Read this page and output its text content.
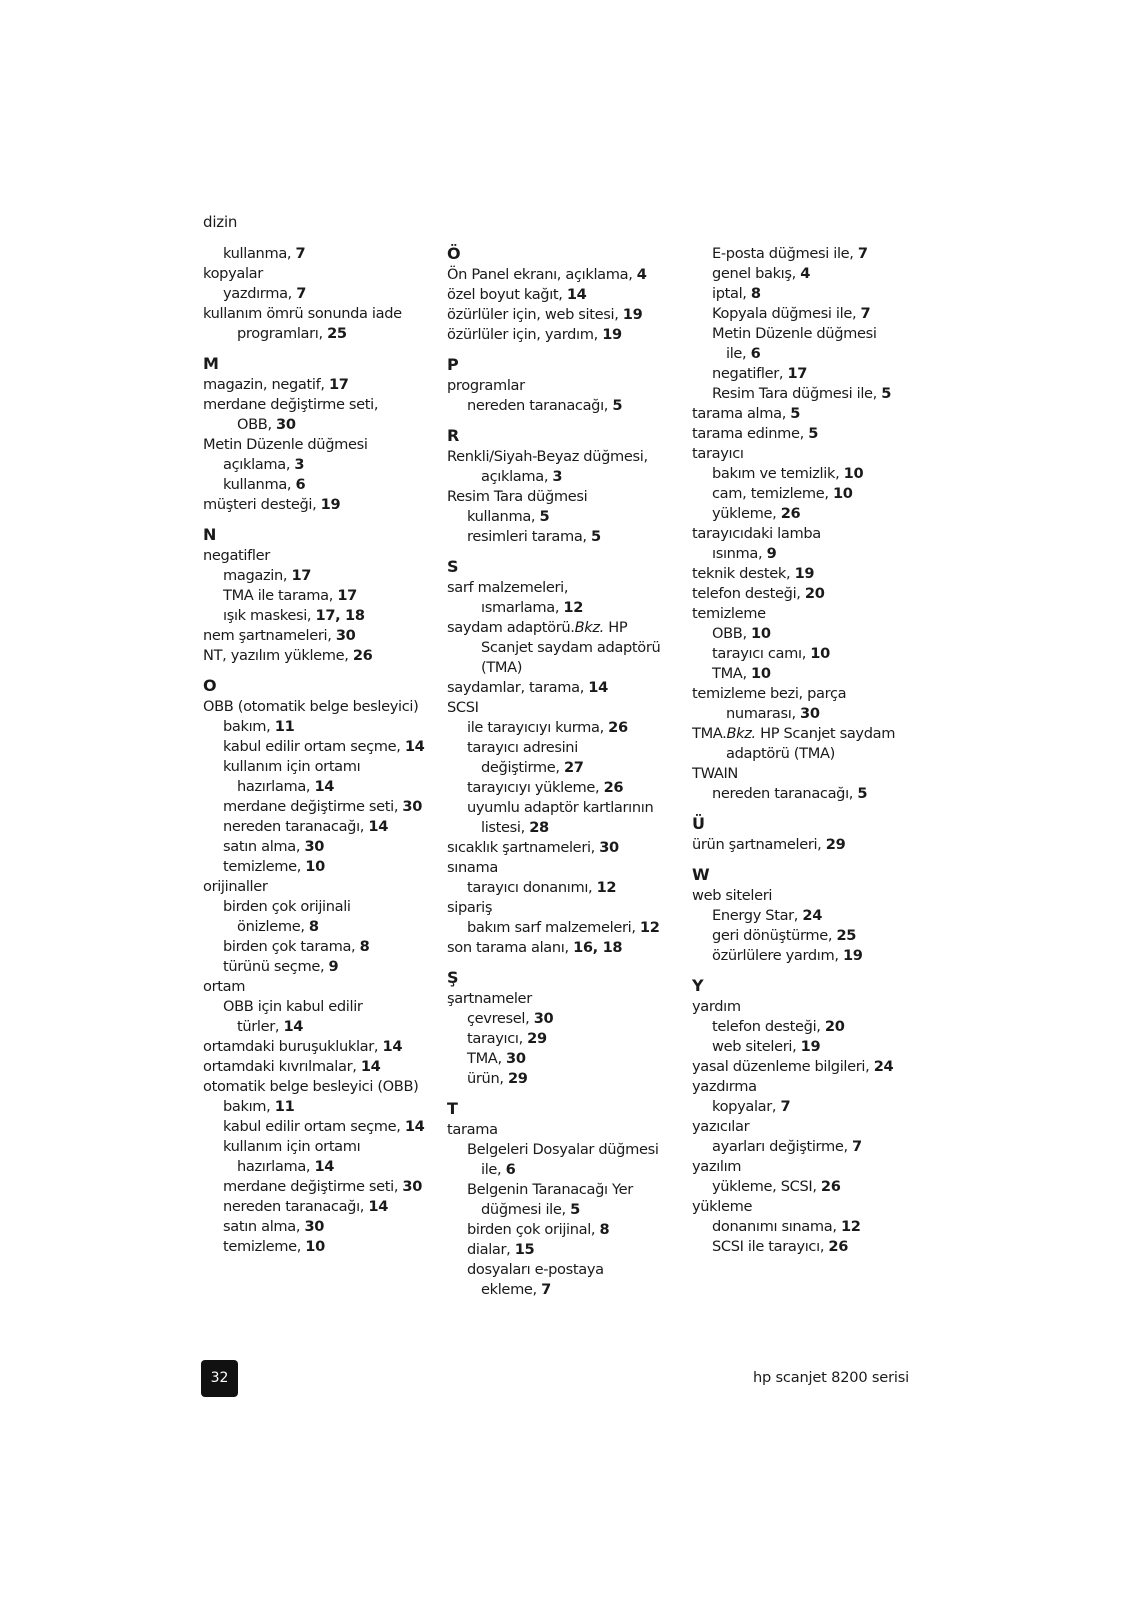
dizin
kullanma, 7
kopyalar
yazdırma, 7
kullanım ömrü sonunda iade
programları, 25
M
magazin, negatif, 17
merdane değiştirme seti,
OBB, 30
Metin Düzenle düğmesi
açıklama, 3
kullanma, 6
müşteri desteği, 19
N
negatifler
magazin, 17
TMA ile tarama, 17
ışık maskesi, 17, 18
nem şartnameleri, 30
NT, yazılım yükleme, 26
O
OBB (otomatik belge besleyici)
bakım, 11
kabul edilir ortam seçme, 14
kullanım için ortamı
hazırlama, 14
merdane değiştirme seti, 30
nereden taranacağı, 14
satın alma, 30
temizleme, 10
orijinaller
birden çok orijinali
önizleme, 8
birden çok tarama, 8
türünü seçme, 9
ortam
OBB için kabul edilir
türler, 14
ortamdaki buruşukluklar, 14
ortamdaki kıvrılmalar, 14
otomatik belge besleyici (OBB)
bakım, 11
kabul edilir ortam seçme, 14
kullanım için ortamı
hazırlama, 14
merdane değiştirme seti, 30
nereden taranacağı, 14
satın alma, 30
temizleme, 10
Ö
Ön Panel ekranı, açıklama, 4
özel boyut kağıt, 14
özürlüler için, web sitesi, 19
özürlüler için, yardım, 19
P
programlar
nereden taranacağı, 5
R
Renkli/Siyah-Beyaz düğmesi,
açıklama, 3
Resim Tara düğmesi
kullanma, 5
resimleri tarama, 5
S
sarf malzemeleri,
ısmarlama, 12
saydam adaptörü.Bkz. HP
Scanjet saydam adaptörü
(TMA)
saydamlar, tarama, 14
SCSI
ile tarayıcıyı kurma, 26
tarayıcı adresini
değiştirme, 27
tarayıcıyı yükleme, 26
uyumlu adaptör kartlarının
listesi, 28
sıcaklık şartnameleri, 30
sınama
tarayıcı donanımı, 12
sipariş
bakım sarf malzemeleri, 12
son tarama alanı, 16, 18
Ş
şartnameler
çevresel, 30
tarayıcı, 29
TMA, 30
ürün, 29
T
tarama
Belgeleri Dosyalar düğmesi
ile, 6
Belgenin Taranacağı Yer
düğmesi ile, 5
birden çok orijinal, 8
dialar, 15
dosyaları e-postaya
ekleme, 7
E-posta düğmesi ile, 7
genel bakış, 4
iptal, 8
Kopyala düğmesi ile, 7
Metin Düzenle düğmesi
ile, 6
negatifler, 17
Resim Tara düğmesi ile, 5
tarama alma, 5
tarama edinme, 5
tarayıcı
bakım ve temizlik, 10
cam, temizleme, 10
yükleme, 26
tarayıcıdaki lamba
ısınma, 9
teknik destek, 19
telefon desteği, 20
temizleme
OBB, 10
tarayıcı camı, 10
TMA, 10
temizleme bezi, parça
numarası, 30
TMA.Bkz. HP Scanjet saydam
adaptörü (TMA)
TWAIN
nereden taranacağı, 5
Ü
ürün şartnameleri, 29
W
web siteleri
Energy Star, 24
geri dönüştürme, 25
özürlülere yardım, 19
Y
yardım
telefon desteği, 20
web siteleri, 19
yasal düzenleme bilgileri, 24
yazdırma
kopyalar, 7
yazıcılar
ayarları değiştirme, 7
yazılım
yükleme, SCSI, 26
yükleme
donanımı sınama, 12
SCSI ile tarayıcı, 26
32	hp scanjet 8200 serisi
